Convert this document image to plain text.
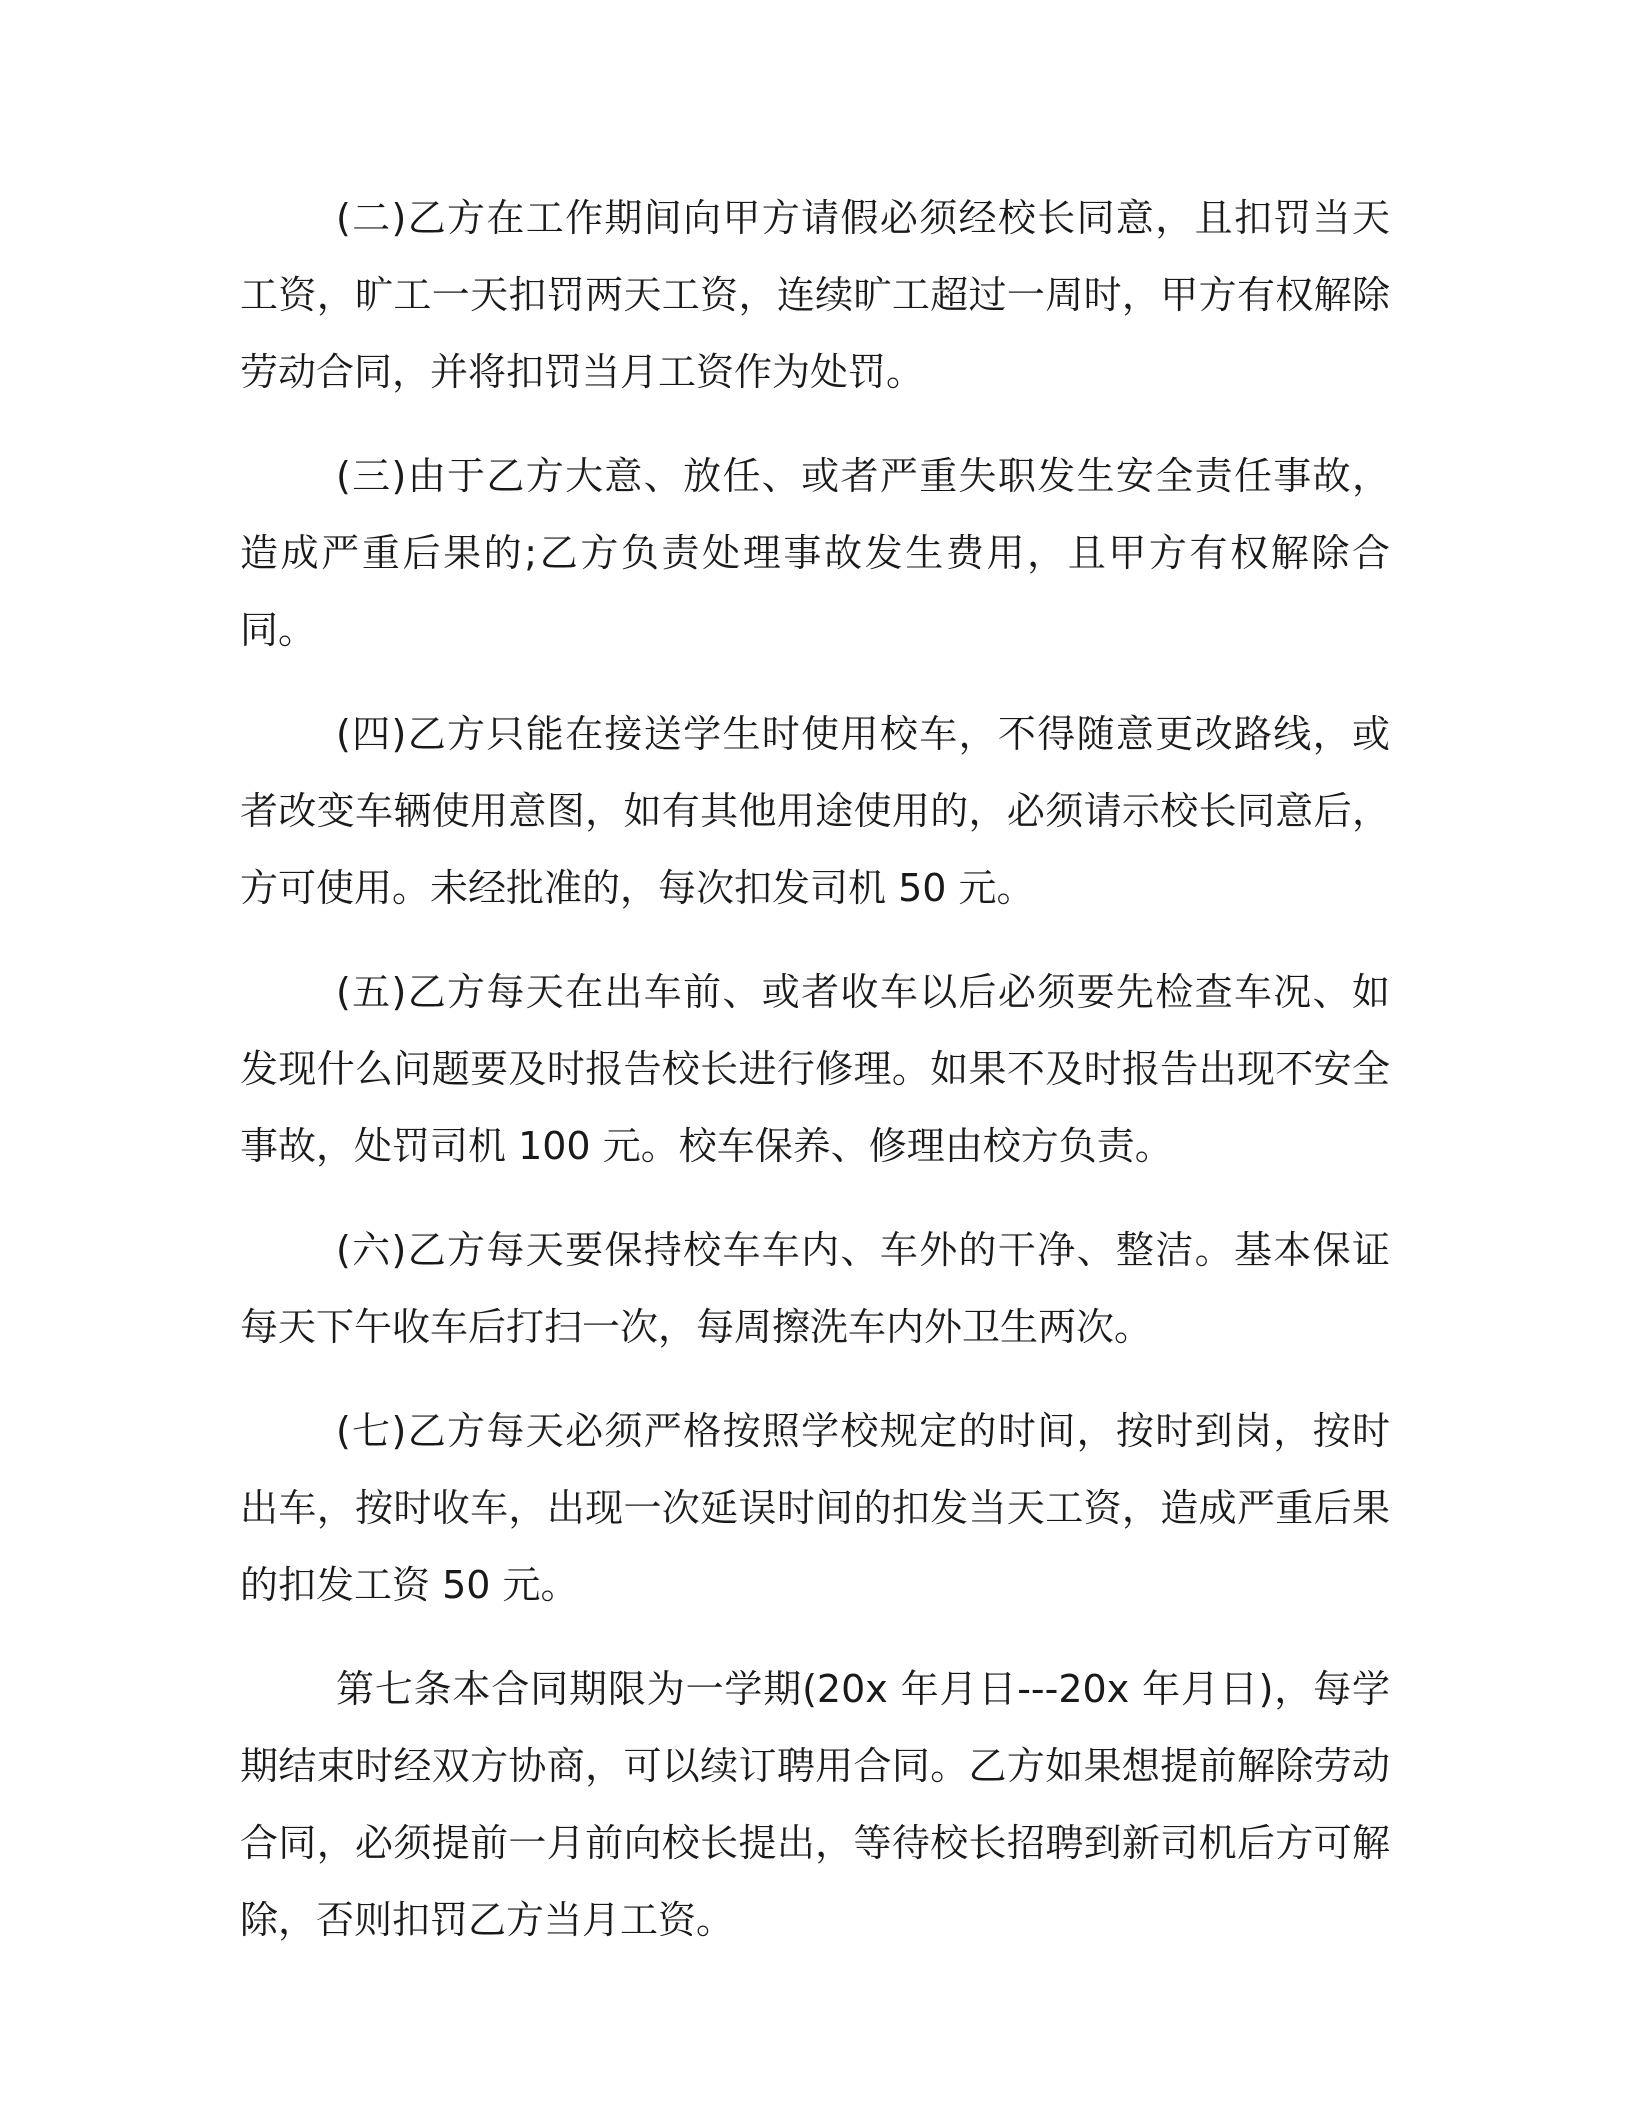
(二)乙方在工作期间向甲方请假必须经校长同意，且扣罚当天工资，旷工一天扣罚两天工资，连续旷工超过一周时，甲方有权解除劳动合同，并将扣罚当月工资作为处罚。

(三)由于乙方大意、放任、或者严重失职发生安全责任事故，造成严重后果的;乙方负责处理事故发生费用，且甲方有权解除合同。

(四)乙方只能在接送学生时使用校车，不得随意更改路线，或者改变车辆使用意图，如有其他用途使用的，必须请示校长同意后，方可使用。未经批准的，每次扣发司机 50 元。

(五)乙方每天在出车前、或者收车以后必须要先检查车况、如发现什么问题要及时报告校长进行修理。如果不及时报告出现不安全事故，处罚司机 100 元。校车保养、修理由校方负责。

(六)乙方每天要保持校车车内、车外的干净、整洁。基本保证每天下午收车后打扫一次，每周擦洗车内外卫生两次。

(七)乙方每天必须严格按照学校规定的时间，按时到岗，按时出车，按时收车，出现一次延误时间的扣发当天工资，造成严重后果的扣发工资 50 元。

第七条本合同期限为一学期(20x 年月日---20x 年月日)，每学期结束时经双方协商，可以续订聘用合同。乙方如果想提前解除劳动合同，必须提前一月前向校长提出，等待校长招聘到新司机后方可解除，否则扣罚乙方当月工资。
